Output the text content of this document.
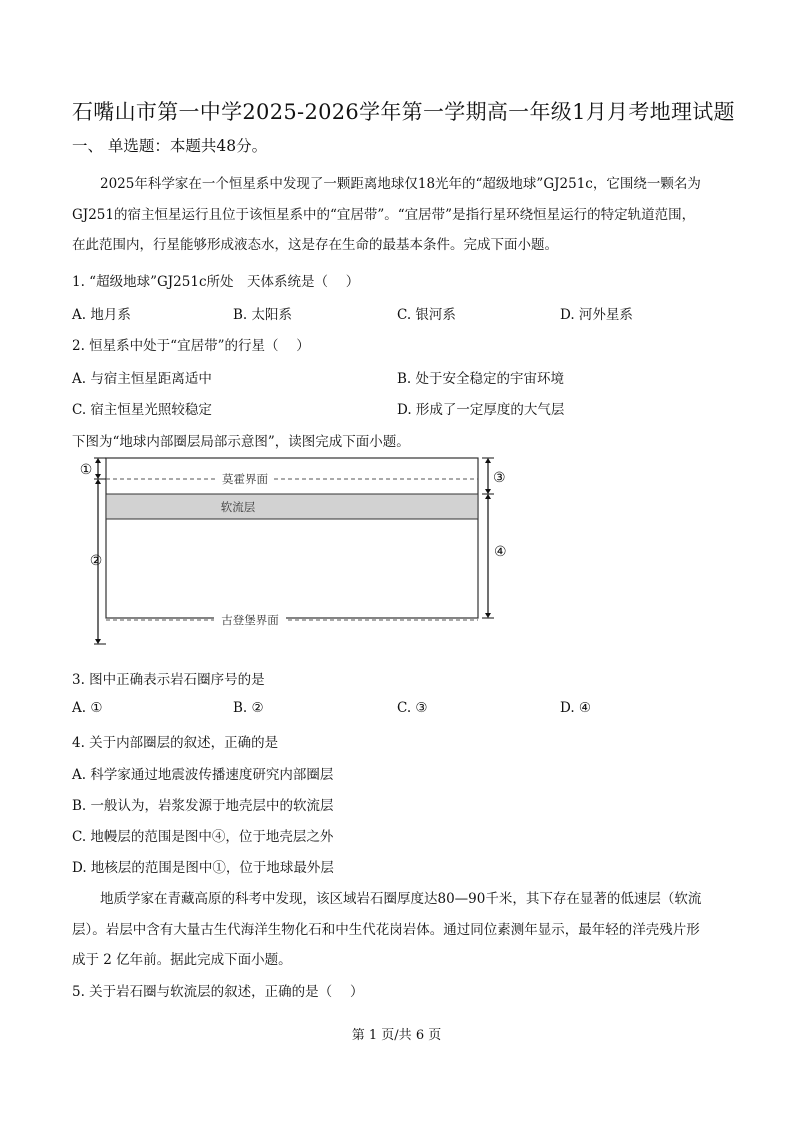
石嘴山市第一中学2025-2026学年第一学期高一年级1月月考地理试题
一、 单选题：本题共48分。
2025年科学家在一个恒星系中发现了一颗距离地球仅18光年的“超级地球”GJ251c，它围绕一颗名为
GJ251的宿主恒星运行且位于该恒星系中的“宜居带”。“宜居带”是指行星环绕恒星运行的特定轨道范围，
在此范围内，行星能够形成液态水，这是存在生命的最基本条件。完成下面小题。
1. “超级地球”GJ251c所处　天体系统是（　 ）
A. 地月系	B. 太阳系	C. 银河系	D. 河外星系
2. 恒星系中处于“宜居带”的行星（　 ）
A. 与宿主恒星距离适中	B. 处于安全稳定的宇宙环境
C. 宿主恒星光照较稳定	D. 形成了一定厚度的大气层
下图为“地球内部圈层局部示意图”，读图完成下面小题。
莫霍界面
软流层
古登堡界面
①
②
③
④
3. 图中正确表示岩石圈序号的是
A. ①	B. ②	C. ③	D. ④
4. 关于内部圈层的叙述，正确的是
A. 科学家通过地震波传播速度研究内部圈层
B. 一般认为，岩浆发源于地壳层中的软流层
C. 地幔层的范围是图中④，位于地壳层之外
D. 地核层的范围是图中①，位于地球最外层
地质学家在青藏高原的科考中发现，该区域岩石圈厚度达80—90千米，其下存在显著的低速层（软流
层）。岩层中含有大量古生代海洋生物化石和中生代花岗岩体。通过同位素测年显示，最年轻的洋壳残片形
成于 2 亿年前。据此完成下面小题。
5. 关于岩石圈与软流层的叙述，正确的是（　 ）
第 1 页/共 6 页
